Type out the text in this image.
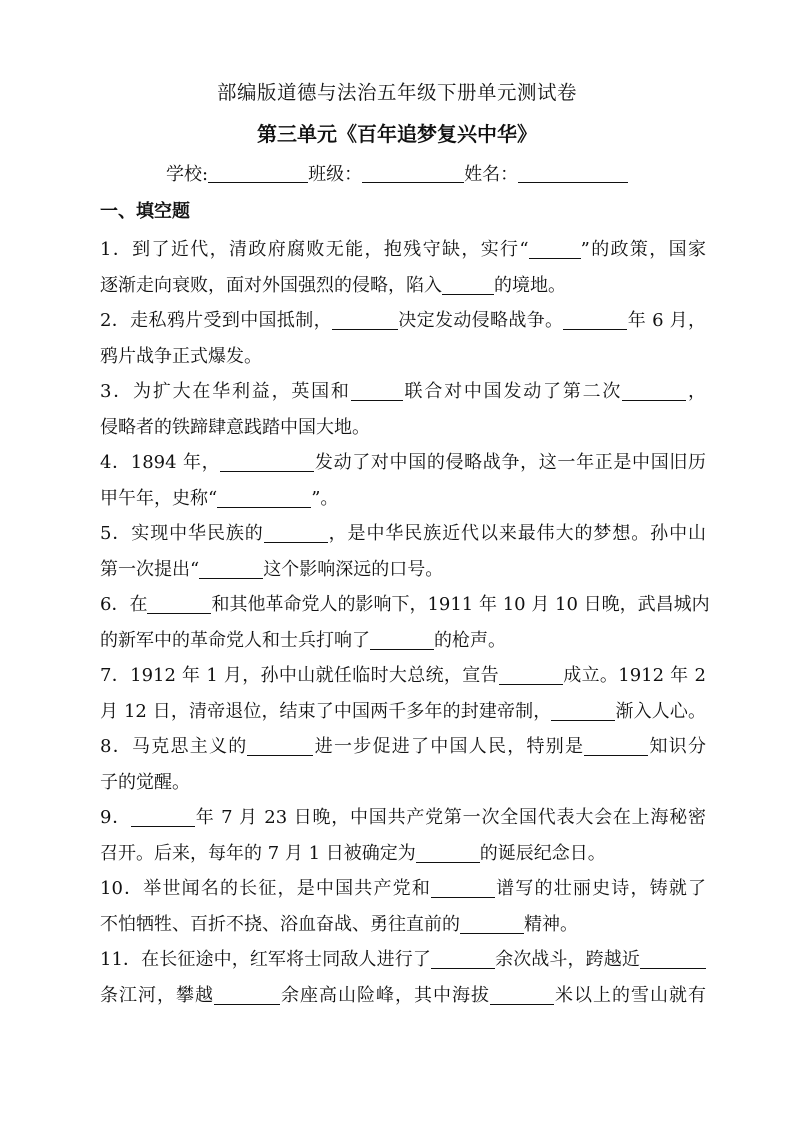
部编版道德与法治五年级下册单元测试卷
第三单元《百年追梦复兴中华》
学校:	班级：	姓名：
一、填空题
1．到了近代，清政府腐败无能，抱残守缺，实行“	”的政策，国家
逐渐走向衰败，面对外国强烈的侵略，陷入	的境地。
2．走私鸦片受到中国抵制，	决定发动侵略战争。	年 6 月，
鸦片战争正式爆发。
3．为扩大在华利益，英国和	联合对中国发动了第二次	，
侵略者的铁蹄肆意践踏中国大地。
4．1894 年，	发动了对中国的侵略战争，这一年正是中国旧历
甲午年，史称“	”。
5．实现中华民族的	，是中华民族近代以来最伟大的梦想。孙中山
第一次提出“	这个影响深远的口号。
6．在	和其他革命党人的影响下，1911 年 10 月 10 日晚，武昌城内
的新军中的革命党人和士兵打响了	的枪声。
7．1912 年 1 月，孙中山就任临时大总统，宣告	成立。1912 年 2
月 12 日，清帝退位，结束了中国两千多年的封建帝制，	渐入人心。
8．马克思主义的	进一步促进了中国人民，特别是	知识分
子的觉醒。
9．	年 7 月 23 日晚，中国共产党第一次全国代表大会在上海秘密
召开。后来，每年的 7 月 1 日被确定为	的诞辰纪念日。
10．举世闻名的长征，是中国共产党和	谱写的壮丽史诗，铸就了
不怕牺牲、百折不挠、浴血奋战、勇往直前的	精神。
11．在长征途中，红军将士同敌人进行了	余次战斗，跨越近
条江河，攀越	余座高山险峰，其中海拔	米以上的雪山就有
